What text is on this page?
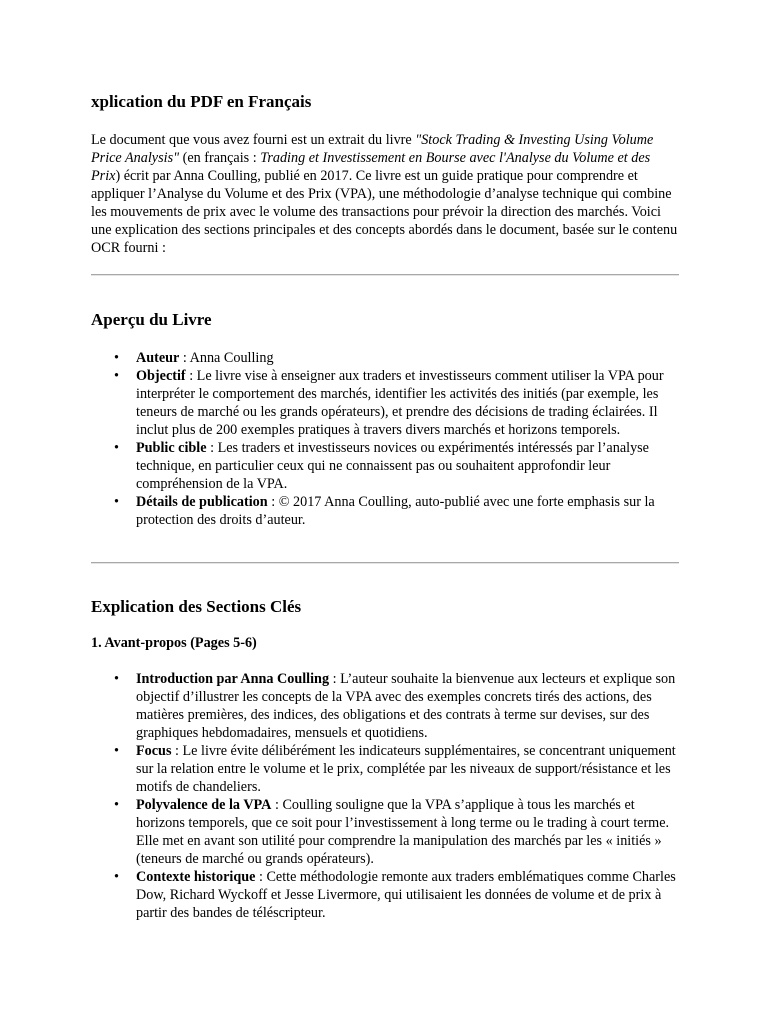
xplication du PDF en Français

Le document que vous avez fourni est un extrait du livre "Stock Trading & Investing Using Volume Price Analysis" (en français : Trading et Investissement en Bourse avec l'Analyse du Volume et des Prix) écrit par Anna Coulling, publié en 2017. Ce livre est un guide pratique pour comprendre et appliquer l’Analyse du Volume et des Prix (VPA), une méthodologie d’analyse technique qui combine les mouvements de prix avec le volume des transactions pour prévoir la direction des marchés. Voici une explication des sections principales et des concepts abordés dans le document, basée sur le contenu OCR fourni :

Aperçu du Livre
• Auteur : Anna Coulling
• Objectif : Le livre vise à enseigner aux traders et investisseurs comment utiliser la VPA pour interpréter le comportement des marchés, identifier les activités des initiés (par exemple, les teneurs de marché ou les grands opérateurs), et prendre des décisions de trading éclairées. Il inclut plus de 200 exemples pratiques à travers divers marchés et horizons temporels.
• Public cible : Les traders et investisseurs novices ou expérimentés intéressés par l’analyse technique, en particulier ceux qui ne connaissent pas ou souhaitent approfondir leur compréhension de la VPA.
• Détails de publication : © 2017 Anna Coulling, auto-publié avec une forte emphasis sur la protection des droits d’auteur.
Explication des Sections Clés
1. Avant-propos (Pages 5-6)
• Introduction par Anna Coulling : L’auteur souhaite la bienvenue aux lecteurs et explique son objectif d’illustrer les concepts de la VPA avec des exemples concrets tirés des actions, des matières premières, des indices, des obligations et des contrats à terme sur devises, sur des graphiques hebdomadaires, mensuels et quotidiens.
• Focus : Le livre évite délibérément les indicateurs supplémentaires, se concentrant uniquement sur la relation entre le volume et le prix, complétée par les niveaux de support/résistance et les motifs de chandeliers.
• Polyvalence de la VPA : Coulling souligne que la VPA s’applique à tous les marchés et horizons temporels, que ce soit pour l’investissement à long terme ou le trading à court terme. Elle met en avant son utilité pour comprendre la manipulation des marchés par les « initiés » (teneurs de marché ou grands opérateurs).
• Contexte historique : Cette méthodologie remonte aux traders emblématiques comme Charles Dow, Richard Wyckoff et Jesse Livermore, qui utilisaient les données de volume et de prix à partir des bandes de téléscripteur.
